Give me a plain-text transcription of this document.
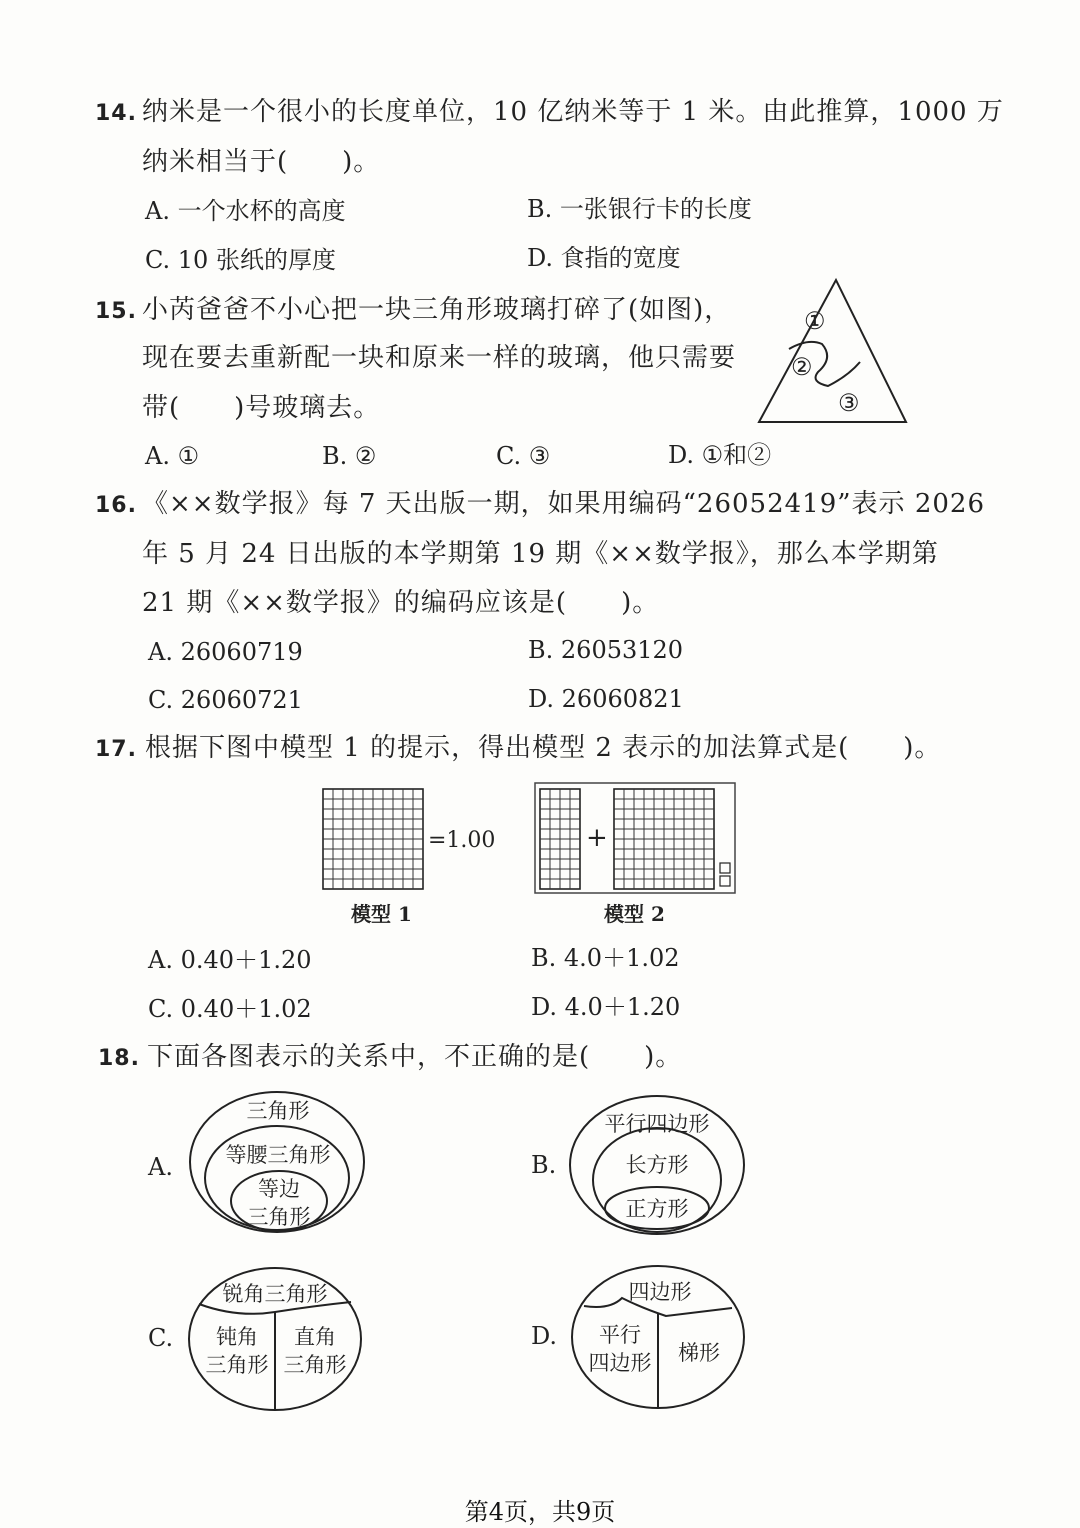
14. 纳米是一个很小的长度单位，10 亿纳米等于 1 米。由此推算，1000 万
纳米相当于(　　)。
A. 一个水杯的高度	B. 一张银行卡的长度
C. 10 张纸的厚度	D. 食指的宽度
15. 小芮爸爸不小心把一块三角形玻璃打碎了(如图)，
现在要去重新配一块和原来一样的玻璃，他只需要
带(　　)号玻璃去。
①
②
③
A. ①	B. ②	C. ③	D. ①和②
16. 《××数学报》每 7 天出版一期，如果用编码“26052419”表示 2026
年 5 月 24 日出版的本学期第 19 期《××数学报》，那么本学期第
21 期《××数学报》的编码应该是(　　)。
A. 26060719	B. 26053120
C. 26060721	D. 26060821
17. 根据下图中模型 1 的提示，得出模型 2 表示的加法算式是(　　)。
=1.00
模型 1
+
模型 2
A. 0.40＋1.20	B. 4.0＋1.02
C. 0.40＋1.02	D. 4.0＋1.20
18. 下面各图表示的关系中，不正确的是(　　)。
A.
三角形
等腰三角形
等边
三角形
B.
平行四边形
长方形
正方形
C.
锐角三角形
钝角
三角形
直角
三角形
D.
四边形
平行
四边形	梯形
第4页，共9页
